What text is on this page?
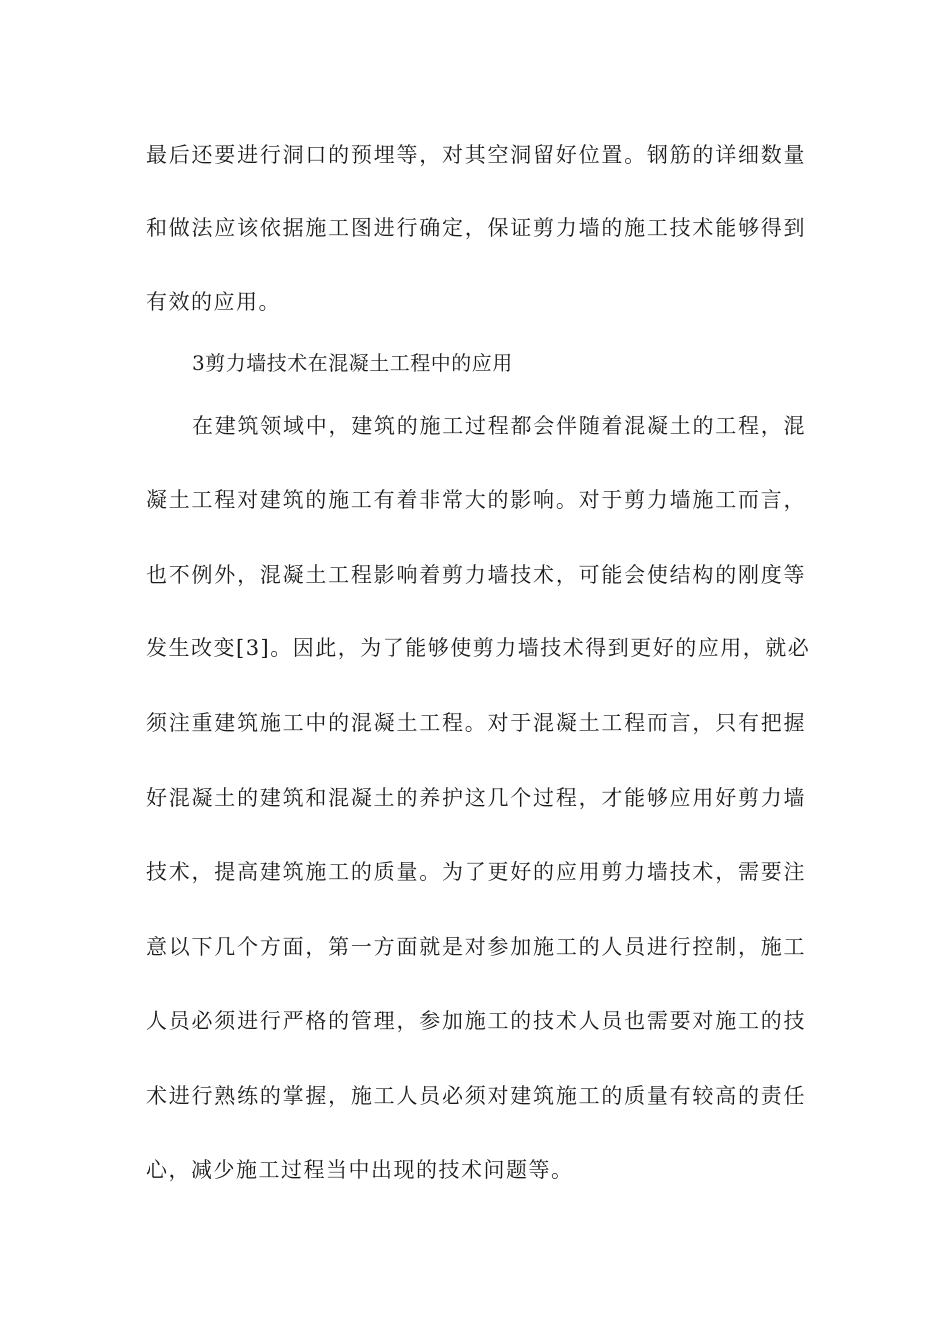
最后还要进行洞口的预埋等，对其空洞留好位置。钢筋的详细数量
和做法应该依据施工图进行确定，保证剪力墙的施工技术能够得到
有效的应用。
3剪力墙技术在混凝土工程中的应用
在建筑领域中，建筑的施工过程都会伴随着混凝土的工程，混
凝土工程对建筑的施工有着非常大的影响。对于剪力墙施工而言，
也不例外，混凝土工程影响着剪力墙技术，可能会使结构的刚度等
发生改变[3]。因此，为了能够使剪力墙技术得到更好的应用，就必
须注重建筑施工中的混凝土工程。对于混凝土工程而言，只有把握
好混凝土的建筑和混凝土的养护这几个过程，才能够应用好剪力墙
技术，提高建筑施工的质量。为了更好的应用剪力墙技术，需要注
意以下几个方面，第一方面就是对参加施工的人员进行控制，施工
人员必须进行严格的管理，参加施工的技术人员也需要对施工的技
术进行熟练的掌握，施工人员必须对建筑施工的质量有较高的责任
心，减少施工过程当中出现的技术问题等。
